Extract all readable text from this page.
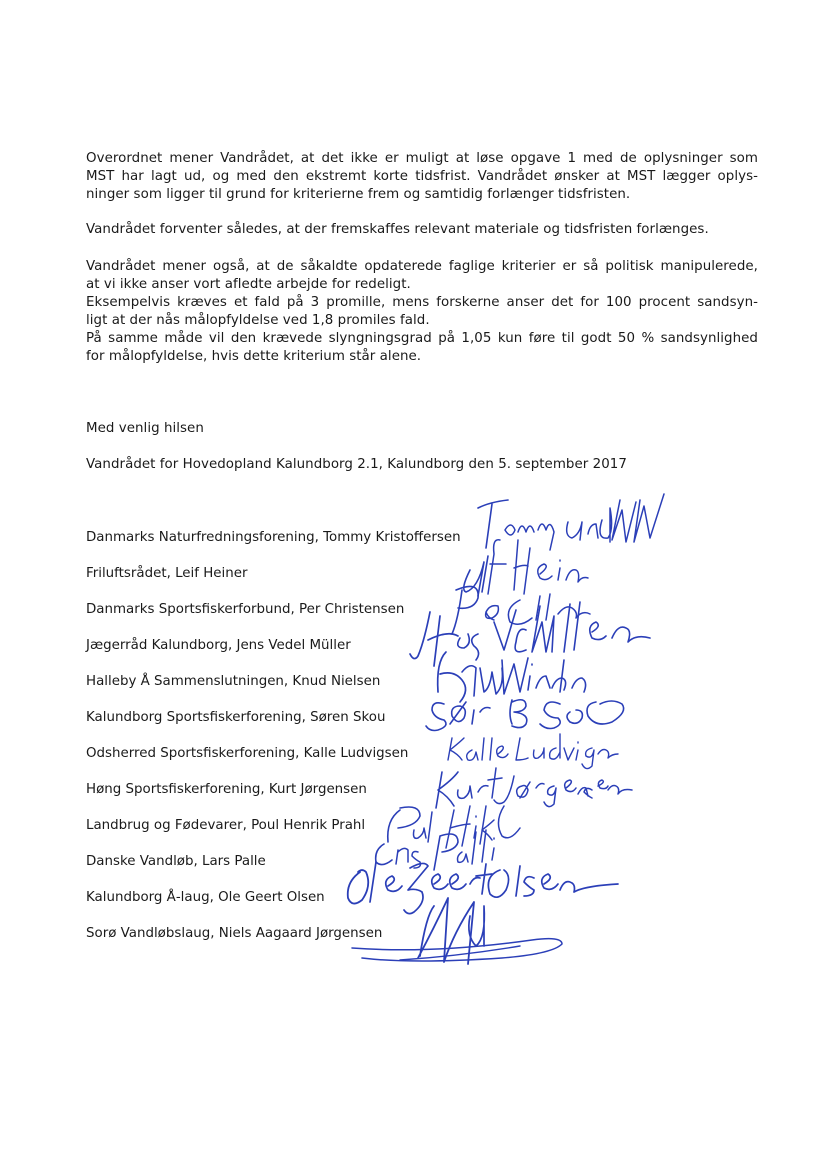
Overordnet mener Vandrådet, at det ikke er muligt at løse opgave 1 med de oplysninger som
MST har lagt ud, og med den ekstremt korte tidsfrist. Vandrådet ønsker at MST lægger oplys-
ninger som ligger til grund for kriterierne frem og samtidig forlænger tidsfristen.
Vandrådet forventer således, at der fremskaffes relevant materiale og tidsfristen forlænges.
Vandrådet mener også, at de såkaldte opdaterede faglige kriterier er så politisk manipulerede,
at vi ikke anser vort afledte arbejde for redeligt.
Eksempelvis kræves et fald på 3 promille, mens forskerne anser det for 100 procent sandsyn-
ligt at der nås målopfyldelse ved 1,8 promiles fald.
På samme måde vil den krævede slyngningsgrad på 1,05 kun føre til godt 50 % sandsynlighed
for målopfyldelse, hvis dette kriterium står alene.
Med venlig hilsen
Vandrådet for Hovedopland Kalundborg 2.1, Kalundborg den 5. september 2017
Danmarks Naturfredningsforening, Tommy Kristoffersen
Friluftsrådet, Leif Heiner
Danmarks Sportsfiskerforbund, Per Christensen
Jægerråd Kalundborg, Jens Vedel Müller
Halleby Å Sammenslutningen, Knud Nielsen
Kalundborg Sportsfiskerforening, Søren Skou
Odsherred Sportsfiskerforening, Kalle Ludvigsen
Høng Sportsfiskerforening, Kurt Jørgensen
Landbrug og Fødevarer, Poul Henrik Prahl
Danske Vandløb, Lars Palle
Kalundborg Å-laug, Ole Geert Olsen
Sorø Vandløbslaug, Niels Aagaard Jørgensen
